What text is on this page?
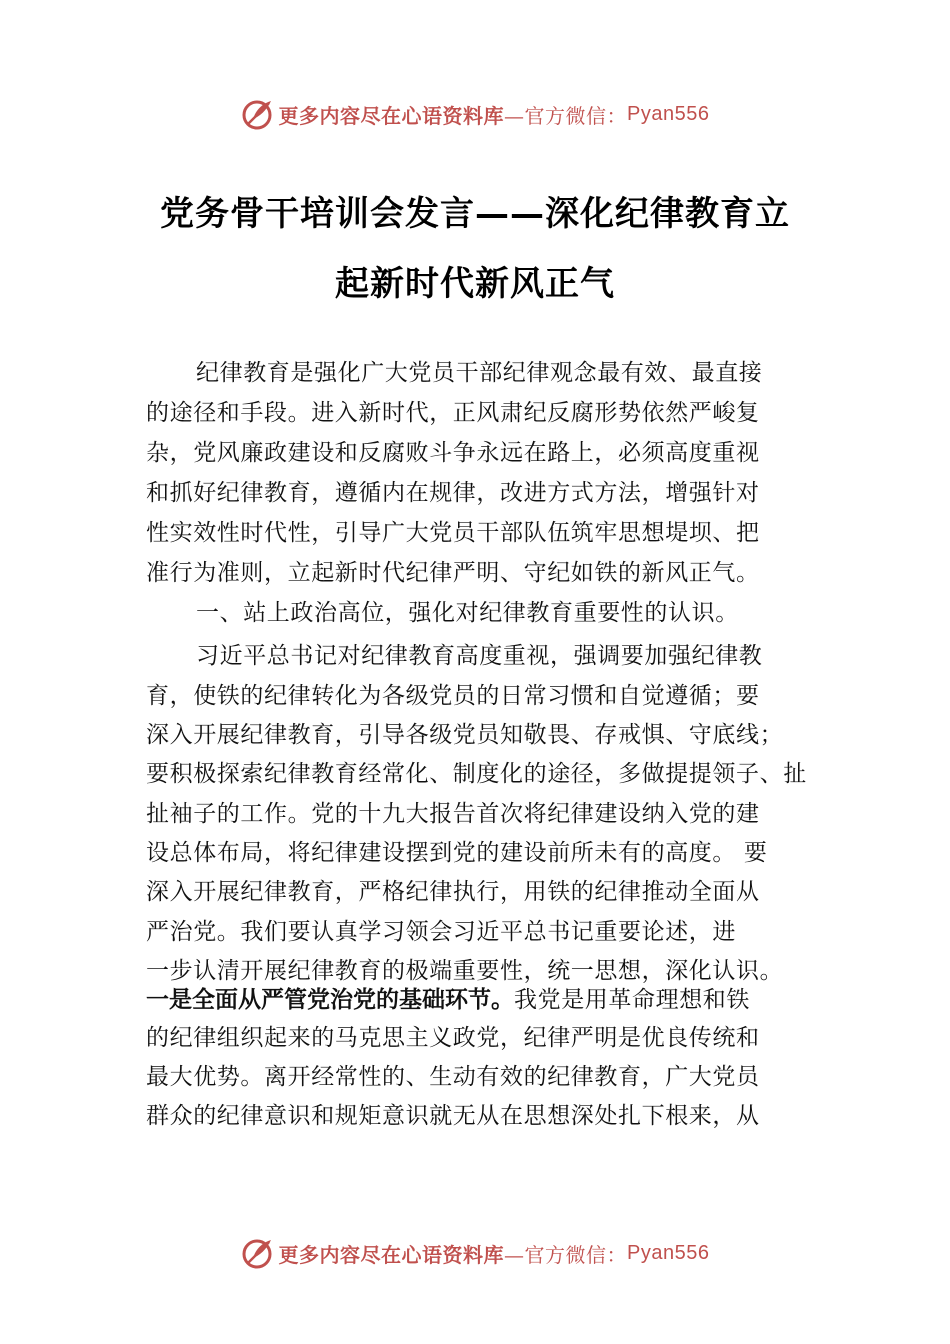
更多内容尽在心语资料库 —官方微信： Pyan556
党务骨干培训会发言——深化纪律教育立
起新时代新风正气
纪律教育是强化广大党员干部纪律观念最有效、最直接
的途径和手段。进入新时代，正风肃纪反腐形势依然严峻复
杂，党风廉政建设和反腐败斗争永远在路上，必须高度重视
和抓好纪律教育，遵循内在规律，改进方式方法，增强针对
性实效性时代性，引导广大党员干部队伍筑牢思想堤坝、把
准行为准则，立起新时代纪律严明、守纪如铁的新风正气。
一、站上政治高位，强化对纪律教育重要性的认识。
习近平总书记对纪律教育高度重视，强调要加强纪律教
育，使铁的纪律转化为各级党员的日常习惯和自觉遵循；要
深入开展纪律教育，引导各级党员知敬畏、存戒惧、守底线；
要积极探索纪律教育经常化、制度化的途径，多做提提领子、扯
扯袖子的工作。党的十九大报告首次将纪律建设纳入党的建
设总体布局，将纪律建设摆到党的建设前所未有的高度。 要
深入开展纪律教育，严格纪律执行，用铁的纪律推动全面从
严治党。我们要认真学习领会习近平总书记重要论述，进
一步认清开展纪律教育的极端重要性，统一思想，深化认识。
一是全面从严管党治党的基础环节。我党是用革命理想和铁
的纪律组织起来的马克思主义政党，纪律严明是优良传统和
最大优势。离开经常性的、生动有效的纪律教育，广大党员
群众的纪律意识和规矩意识就无从在思想深处扎下根来，从
更多内容尽在心语资料库 —官方微信： Pyan556
